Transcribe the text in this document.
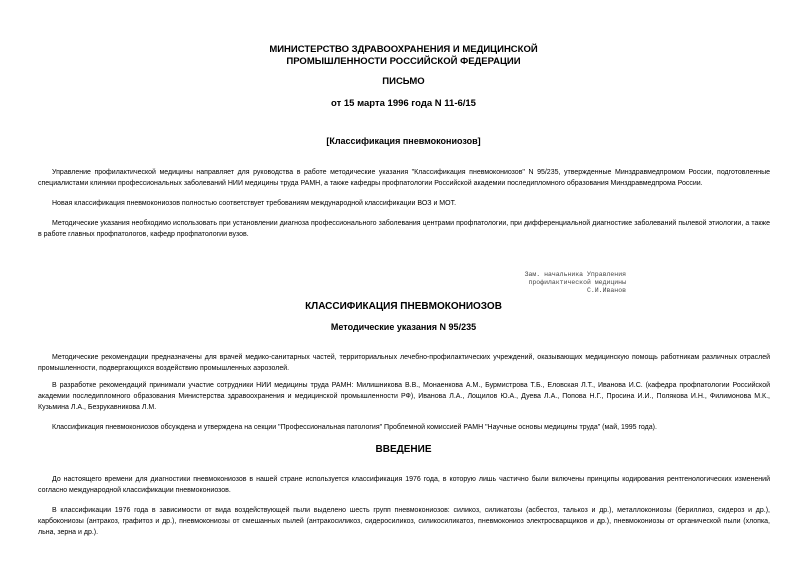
МИНИСТЕРСТВО ЗДРАВООХРАНЕНИЯ И МЕДИЦИНСКОЙ
ПРОМЫШЛЕННОСТИ РОССИЙСКОЙ ФЕДЕРАЦИИ
ПИСЬМО
от 15 марта 1996 года N 11-6/15
[Классификация пневмокониозов]

Управление профилактической медицины направляет для руководства в работе методические указания "Классификация пневмокониозов" N 95/235, утвержденные Минздравмедпромом России, подготовленные специалистами клиники профессиональных заболеваний НИИ медицины труда РАМН, а также кафедры профпатологии Российской академии последипломного образования Минздравмедпрома России.

Новая классификация пневмокониозов полностью соответствует требованиям международной классификации ВОЗ и МОТ.

Методические указания необходимо использовать при установлении диагноза профессионального заболевания центрами профпатологии, при дифференциальной диагностике заболеваний пылевой этиологии, а также в работе главных профпатологов, кафедр профпатологии вузов.

Зам. начальника Управления
профилактической медицины
С.И.Иванов
КЛАССИФИКАЦИЯ ПНЕВМОКОНИОЗОВ
Методические указания N 95/235

Методические рекомендации предназначены для врачей медико-санитарных частей, территориальных лечебно-профилактических учреждений, оказывающих медицинскую помощь работникам различных отраслей промышленности, подвергающихся воздействию промышленных аэрозолей.

В разработке рекомендаций принимали участие сотрудники НИИ медицины труда РАМН: Милишникова В.В., Монаенкова А.М., Бурмистрова Т.Б., Еловская Л.Т., Иванова И.С. (кафедра профпатологии Российской академии последипломного образования Министерства здравоохранения и медицинской промышленности РФ), Иванова Л.А., Лощилов Ю.А., Дуева Л.А., Попова Н.Г., Просина И.И., Полякова И.Н., Филимонова М.К., Кузьмина Л.А., Безрукавникова Л.М.

Классификация пневмокониозов обсуждена и утверждена на секции "Профессиональная патология" Проблемной комиссией РАМН "Научные основы медицины труда" (май, 1995 года).

ВВЕДЕНИЕ

До настоящего времени для диагностики пневмокониозов в нашей стране используется классификация 1976 года, в которую лишь частично были включены принципы кодирования рентгенологических изменений согласно международной классификации пневмокониозов.

В классификации 1976 года в зависимости от вида воздействующей пыли выделено шесть групп пневмокониозов: силикоз, силикатозы (асбестоз, талькоз и др.), металлокониозы (бериллиоз, сидероз и др.), карбокониозы (антракоз, графитоз и др.), пневмокониозы от смешанных пылей (антракосиликоз, сидеросиликоз, силикосиликатоз, пневмокониоз электросварщиков и др.), пневмокониозы от органической пыли (хлопка, льна, зерна и др.).
